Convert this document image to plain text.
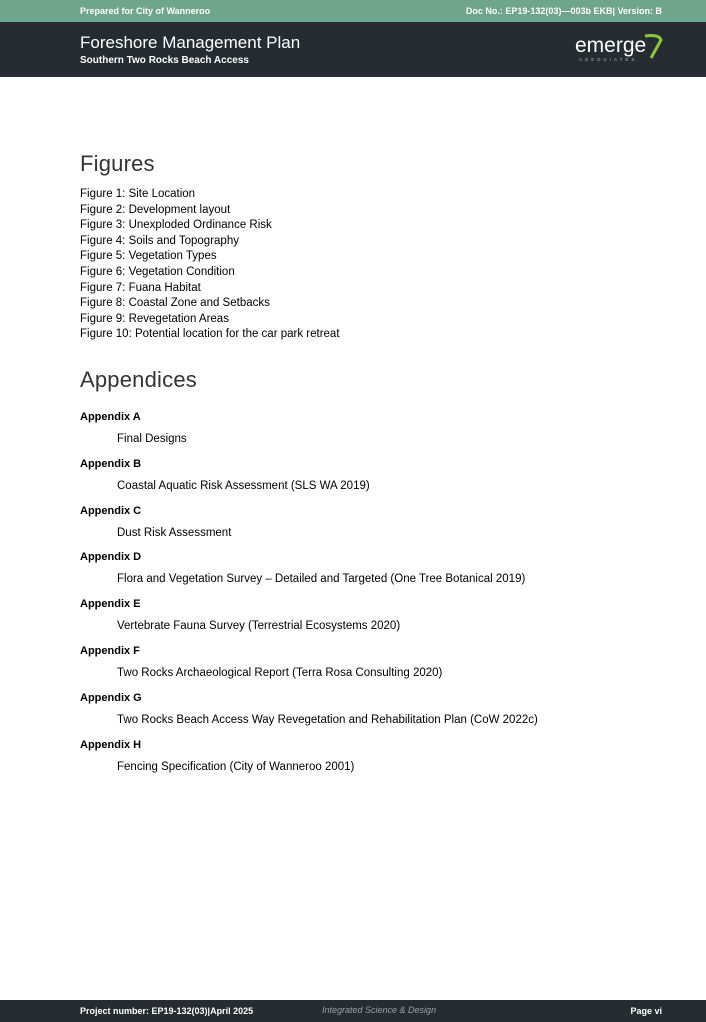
Prepared for City of Wanneroo	Doc No.: EP19-132(03)—003b EKB| Version: B
Foreshore Management Plan
Southern Two Rocks Beach Access
emerge
ASSOCIATES
Figures
Figure 1: Site Location
Figure 2: Development layout
Figure 3: Unexploded Ordinance Risk
Figure 4: Soils and Topography
Figure 5: Vegetation Types
Figure 6: Vegetation Condition
Figure 7: Fuana Habitat
Figure 8: Coastal Zone and Setbacks
Figure 9: Revegetation Areas
Figure 10: Potential location for the car park retreat
Appendices
Appendix A
Final Designs
Appendix B
Coastal Aquatic Risk Assessment (SLS WA 2019)
Appendix C
Dust Risk Assessment
Appendix D
Flora and Vegetation Survey – Detailed and Targeted (One Tree Botanical 2019)
Appendix E
Vertebrate Fauna Survey (Terrestrial Ecosystems 2020)
Appendix F
Two Rocks Archaeological Report (Terra Rosa Consulting 2020)
Appendix G
Two Rocks Beach Access Way Revegetation and Rehabilitation Plan (CoW 2022c)
Appendix H
Fencing Specification (City of Wanneroo 2001)
Project number: EP19-132(03)|April 2025	Integrated Science & Design	Page vi
